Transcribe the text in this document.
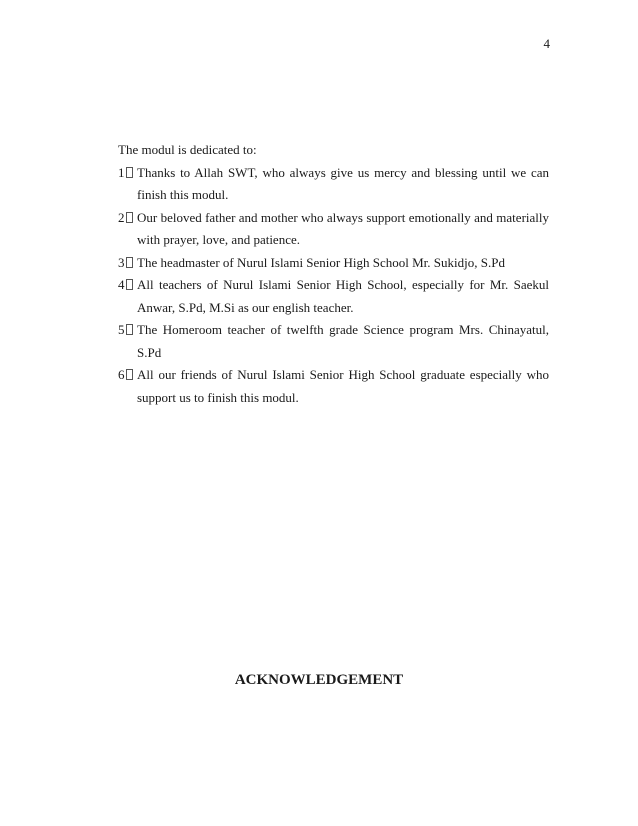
4

The modul is dedicated to:

1 Thanks to Allah SWT, who always give us mercy and blessing until we can finish this modul.
2 Our beloved father and mother who always support emotionally and materially with prayer, love, and patience.
3 The headmaster of Nurul Islami Senior High School Mr. Sukidjo, S.Pd
4 All teachers of Nurul Islami Senior High School, especially for Mr. Saekul Anwar, S.Pd, M.Si as our english teacher.
5 The Homeroom teacher of twelfth grade Science program Mrs. Chinayatul, S.Pd
6 All our friends of Nurul Islami Senior High School graduate especially who support us to finish this modul.
ACKNOWLEDGEMENT
